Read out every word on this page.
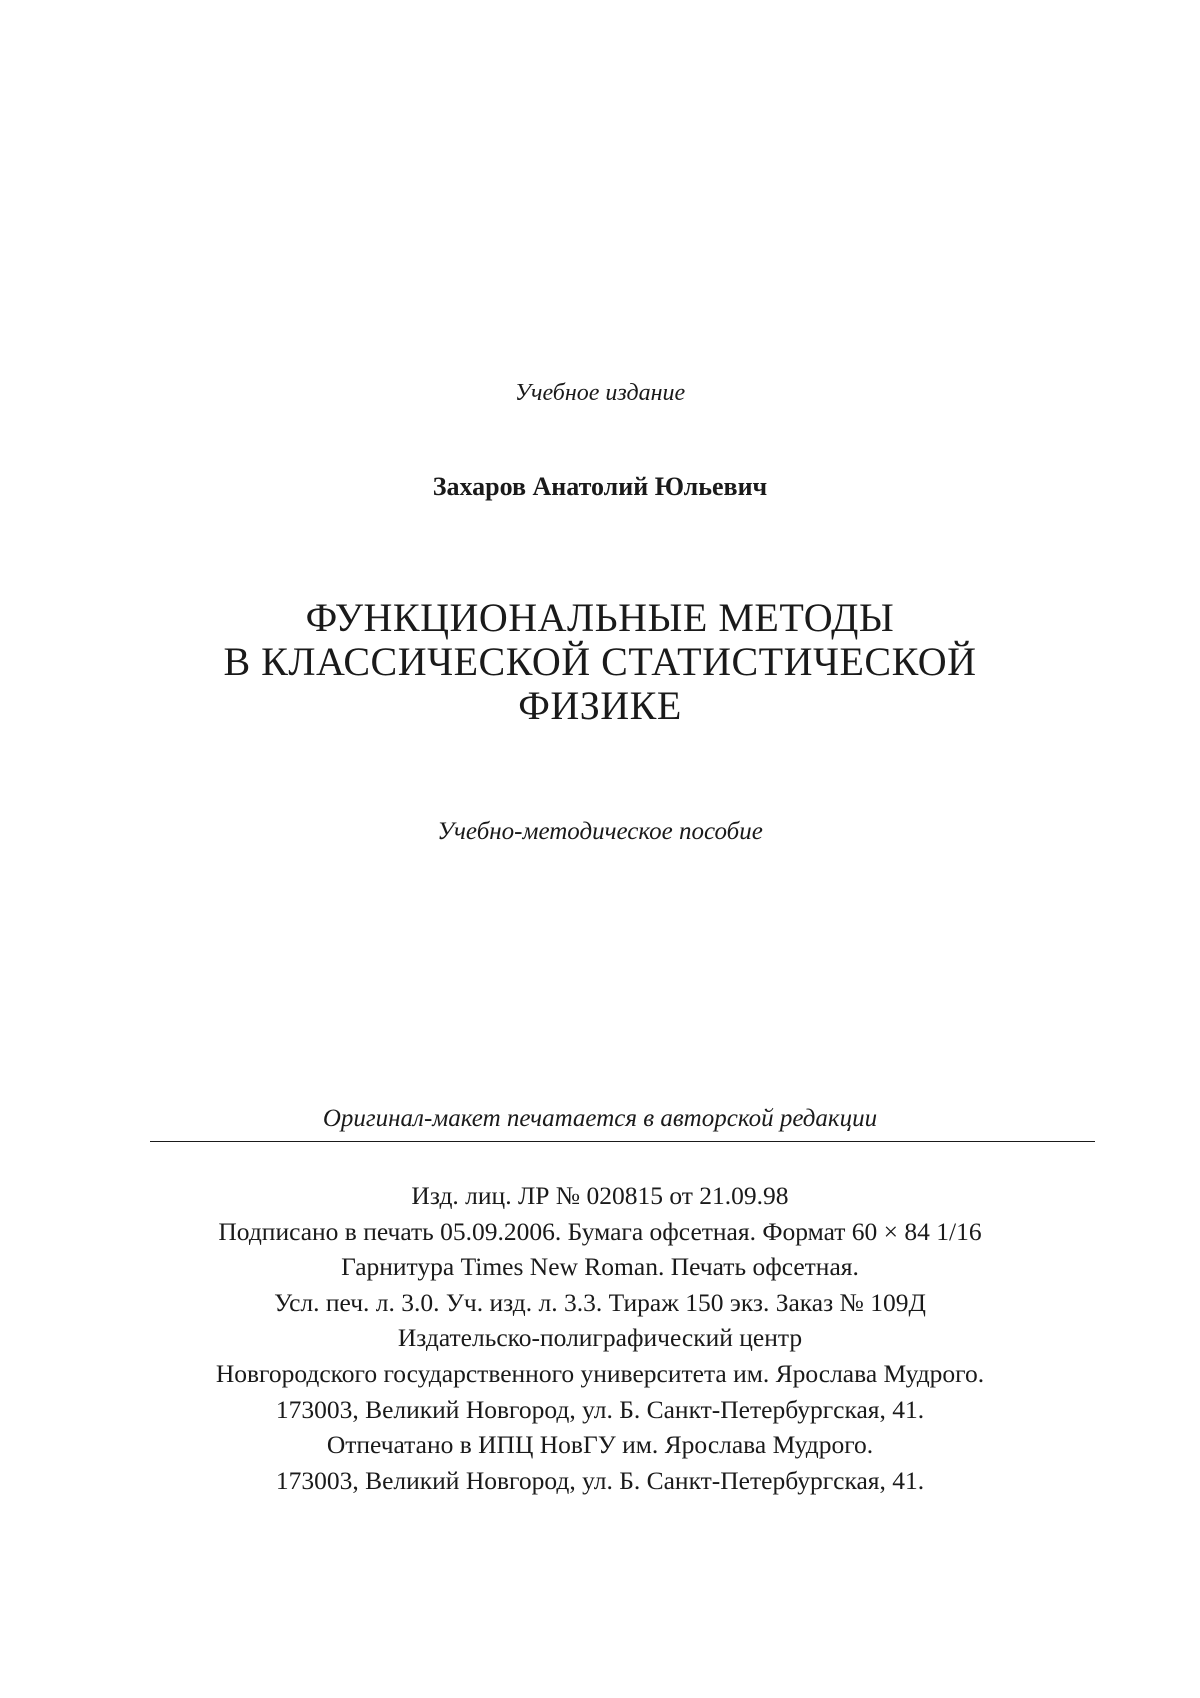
Учебное издание
Захаров Анатолий Юльевич
ФУНКЦИОНАЛЬНЫЕ МЕТОДЫ
В КЛАССИЧЕСКОЙ СТАТИСТИЧЕСКОЙ
ФИЗИКЕ
Учебно-методическое пособие
Оригинал-макет печатается в авторской редакции
Изд. лиц. ЛР № 020815 от 21.09.98
Подписано в печать 05.09.2006. Бумага офсетная. Формат 60 × 84 1/16
Гарнитура Times New Roman. Печать офсетная.
Усл. печ. л. 3.0. Уч. изд. л. 3.3. Тираж 150 экз. Заказ № 109Д
Издательско-полиграфический центр
Новгородского государственного университета им. Ярослава Мудрого.
173003, Великий Новгород, ул. Б. Санкт-Петербургская, 41.
Отпечатано в ИПЦ НовГУ им. Ярослава Мудрого.
173003, Великий Новгород, ул. Б. Санкт-Петербургская, 41.
